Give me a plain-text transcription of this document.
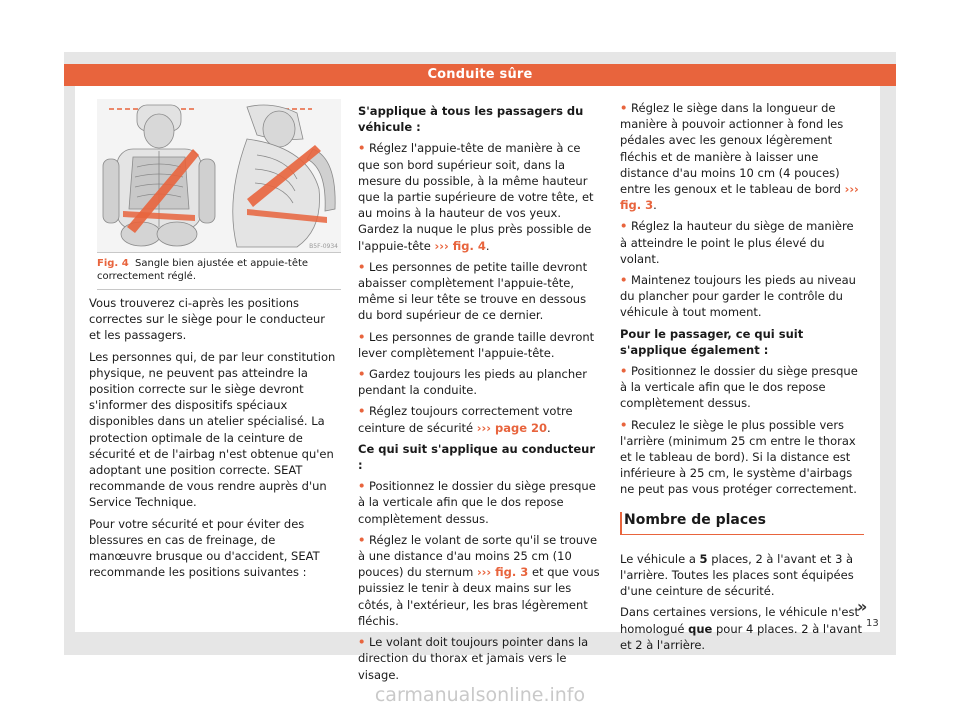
Conduite sûre
B5F-0934
Fig. 4 Sangle bien ajustée et appuie-tête correctement réglé.

Vous trouverez ci-après les positions correctes sur le siège pour le conducteur et les passagers.

Les personnes qui, de par leur constitution physique, ne peuvent pas atteindre la position correcte sur le siège devront s'informer des dispositifs spéciaux disponibles dans un atelier spécialisé. La protection optimale de la ceinture de sécurité et de l'airbag n'est obtenue qu'en adoptant une position correcte. SEAT recommande de vous rendre auprès d'un Service Technique.

Pour votre sécurité et pour éviter des blessures en cas de freinage, de manœuvre brusque ou d'accident, SEAT recommande les positions suivantes :

S'applique à tous les passagers du véhicule :

• Réglez l'appuie-tête de manière à ce que son bord supérieur soit, dans la mesure du possible, à la même hauteur que la partie supérieure de votre tête, et au moins à la hauteur de vos yeux. Gardez la nuque le plus près possible de l'appuie-tête ››› fig. 4.

• Les personnes de petite taille devront abaisser complètement l'appuie-tête, même si leur tête se trouve en dessous du bord supérieur de ce dernier.

• Les personnes de grande taille devront lever complètement l'appuie-tête.

• Gardez toujours les pieds au plancher pendant la conduite.

• Réglez toujours correctement votre ceinture de sécurité ››› page 20.

Ce qui suit s'applique au conducteur :

• Positionnez le dossier du siège presque à la verticale afin que le dos repose complètement dessus.

• Réglez le volant de sorte qu'il se trouve à une distance d'au moins 25 cm (10 pouces) du sternum ››› fig. 3 et que vous puissiez le tenir à deux mains sur les côtés, à l'extérieur, les bras légèrement fléchis.

• Le volant doit toujours pointer dans la direction du thorax et jamais vers le visage.

• Réglez le siège dans la longueur de manière à pouvoir actionner à fond les pédales avec les genoux légèrement fléchis et de manière à laisser une distance d'au moins 10 cm (4 pouces) entre les genoux et le tableau de bord ››› fig. 3.

• Réglez la hauteur du siège de manière à atteindre le point le plus élevé du volant.

• Maintenez toujours les pieds au niveau du plancher pour garder le contrôle du véhicule à tout moment.

Pour le passager, ce qui suit s'applique également :

• Positionnez le dossier du siège presque à la verticale afin que le dos repose complètement dessus.

• Reculez le siège le plus possible vers l'arrière (minimum 25 cm entre le thorax et le tableau de bord). Si la distance est inférieure à 25 cm, le système d'airbags ne peut pas vous protéger correctement.

Nombre de places

Le véhicule a 5 places, 2 à l'avant et 3 à l'arrière. Toutes les places sont équipées d'une ceinture de sécurité.

Dans certaines versions, le véhicule n'est homologué que pour 4 places. 2 à l'avant et 2 à l'arrière.

»
13
carmanualsonline.info
